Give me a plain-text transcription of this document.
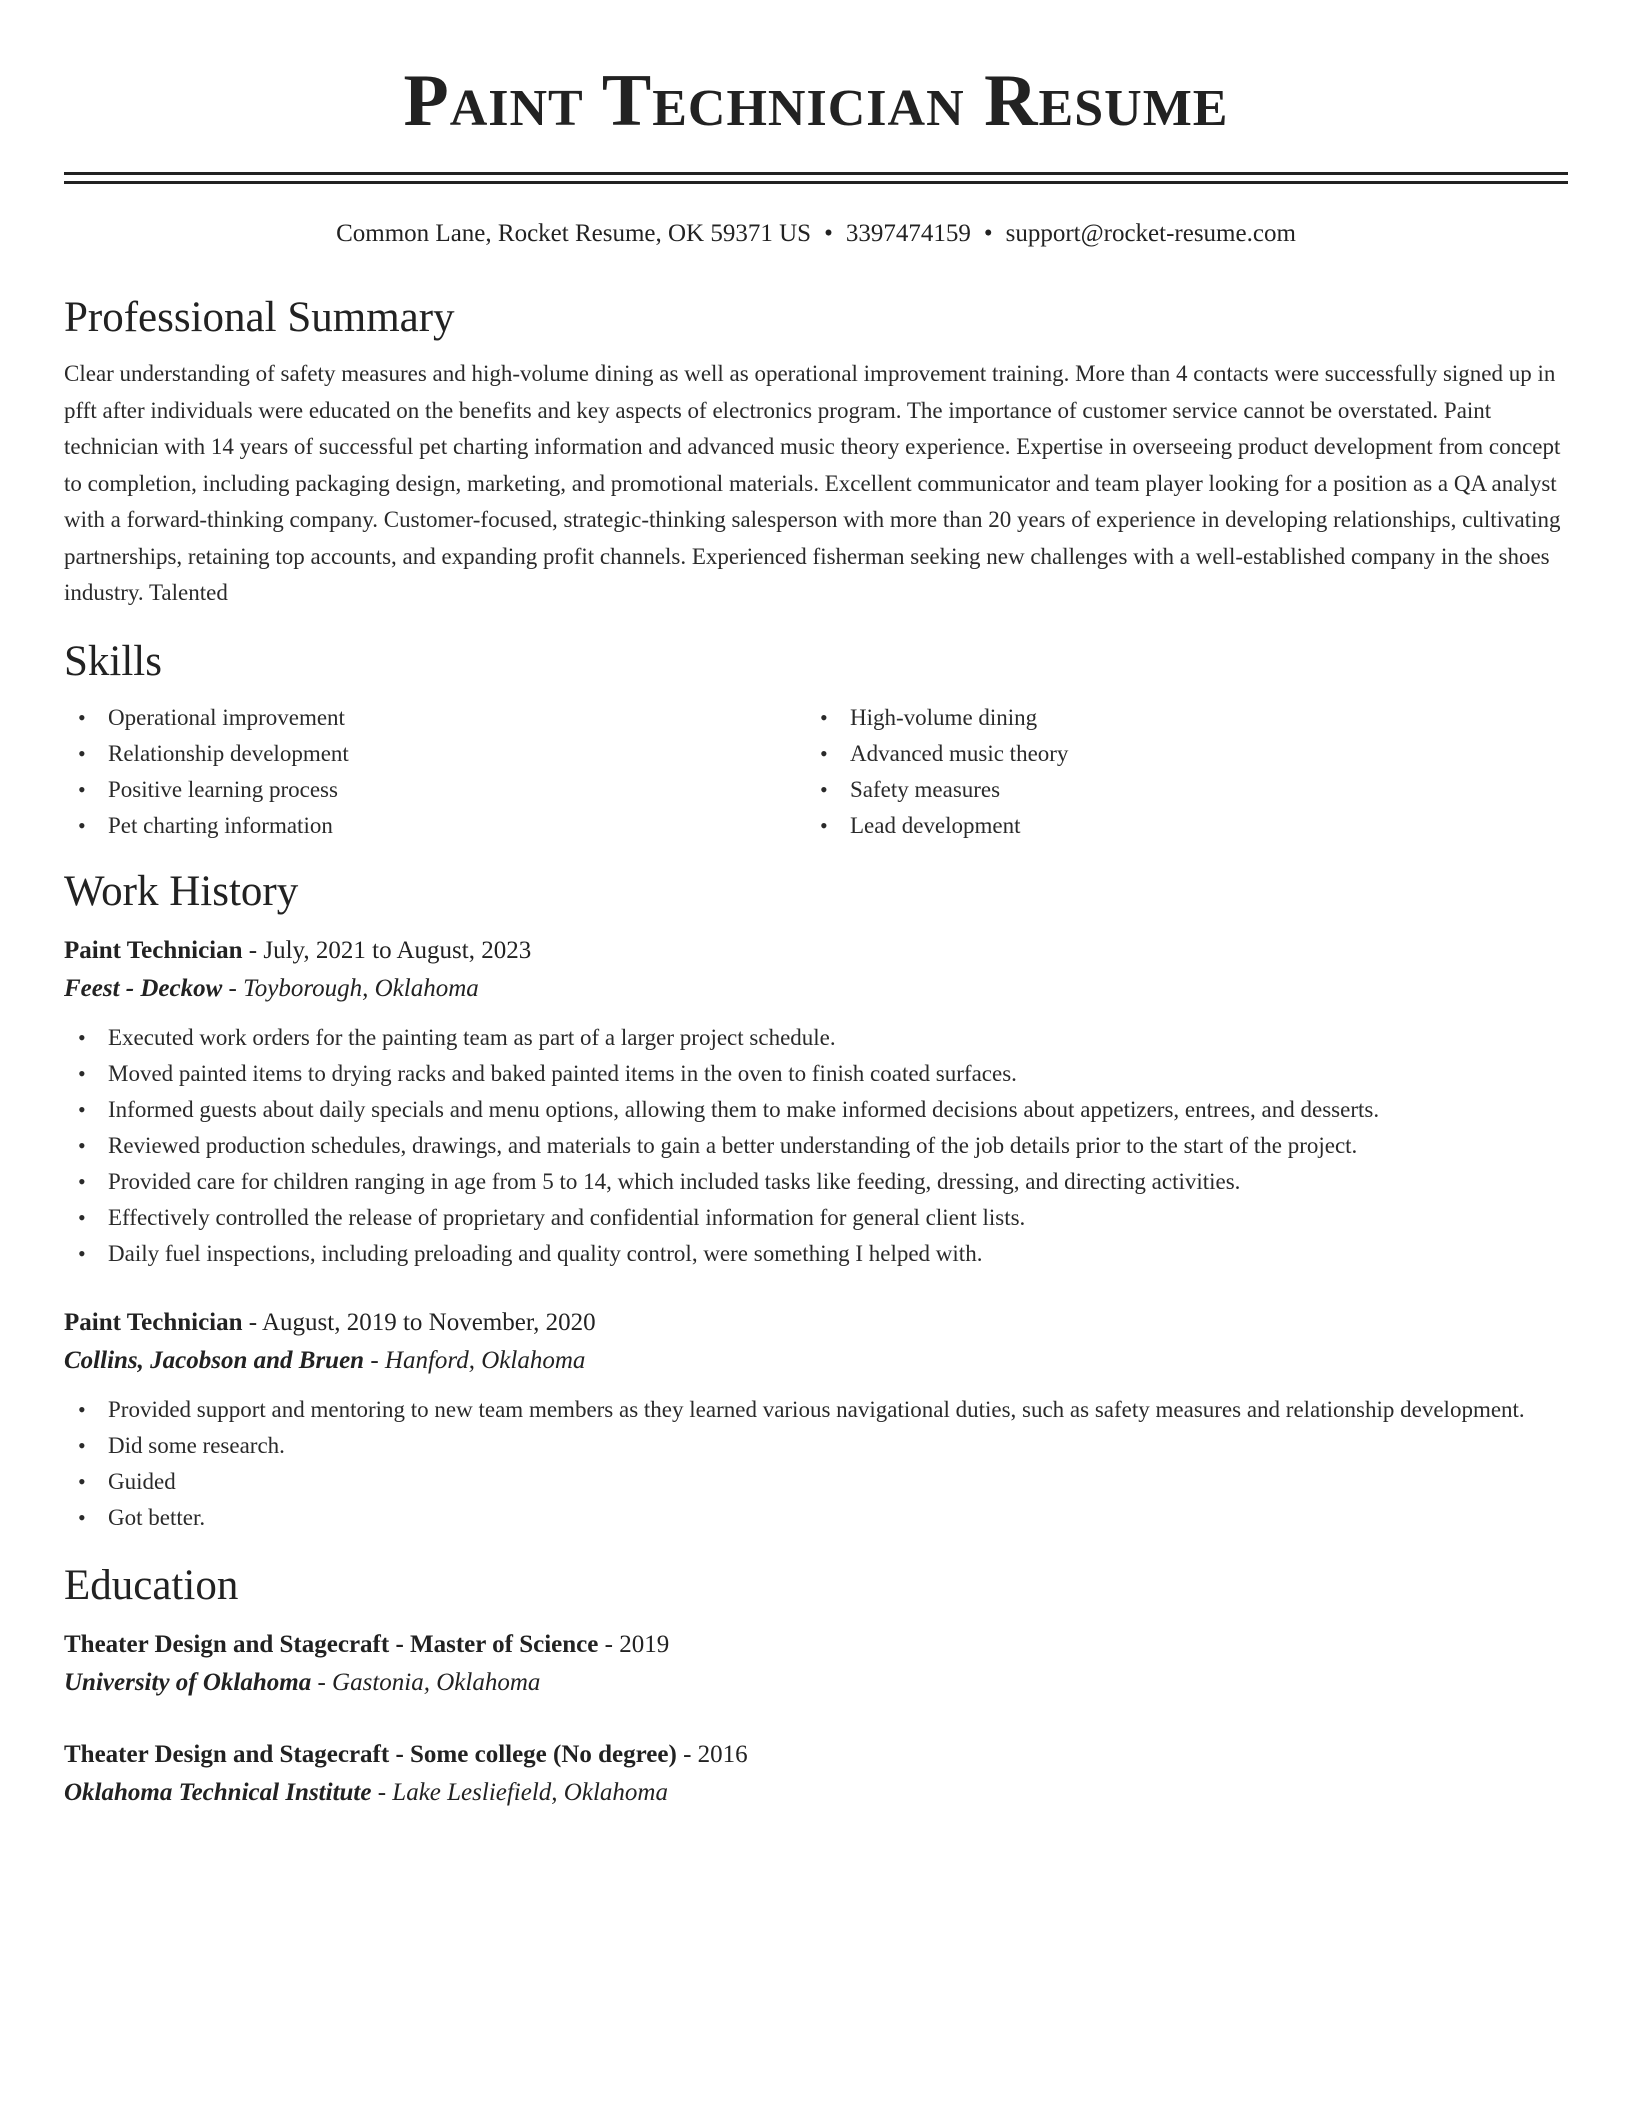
Paint Technician Resume
Common Lane, Rocket Resume, OK 59371 US • 3397474159 • support@rocket-resume.com
Professional Summary

Clear understanding of safety measures and high-volume dining as well as operational improvement training. More than 4 contacts were successfully signed up in pfft after individuals were educated on the benefits and key aspects of electronics program. The importance of customer service cannot be overstated. Paint technician with 14 years of successful pet charting information and advanced music theory experience. Expertise in overseeing product development from concept to completion, including packaging design, marketing, and promotional materials. Excellent communicator and team player looking for a position as a QA analyst with a forward-thinking company. Customer-focused, strategic-thinking salesperson with more than 20 years of experience in developing relationships, cultivating partnerships, retaining top accounts, and expanding profit channels. Experienced fisherman seeking new challenges with a well-established company in the shoes industry. Talented

Skills
• Operational improvement
• Relationship development
• Positive learning process
• Pet charting information
• High-volume dining
• Advanced music theory
• Safety measures
• Lead development
Work History
Paint Technician - July, 2021 to August, 2023
Feest - Deckow - Toyborough, Oklahoma
• Executed work orders for the painting team as part of a larger project schedule.
• Moved painted items to drying racks and baked painted items in the oven to finish coated surfaces.
• Informed guests about daily specials and menu options, allowing them to make informed decisions about appetizers, entrees, and desserts.
• Reviewed production schedules, drawings, and materials to gain a better understanding of the job details prior to the start of the project.
• Provided care for children ranging in age from 5 to 14, which included tasks like feeding, dressing, and directing activities.
• Effectively controlled the release of proprietary and confidential information for general client lists.
• Daily fuel inspections, including preloading and quality control, were something I helped with.
Paint Technician - August, 2019 to November, 2020
Collins, Jacobson and Bruen - Hanford, Oklahoma
• Provided support and mentoring to new team members as they learned various navigational duties, such as safety measures and relationship development.
• Did some research.
• Guided
• Got better.
Education
Theater Design and Stagecraft - Master of Science - 2019
University of Oklahoma - Gastonia, Oklahoma
Theater Design and Stagecraft - Some college (No degree) - 2016
Oklahoma Technical Institute - Lake Lesliefield, Oklahoma
